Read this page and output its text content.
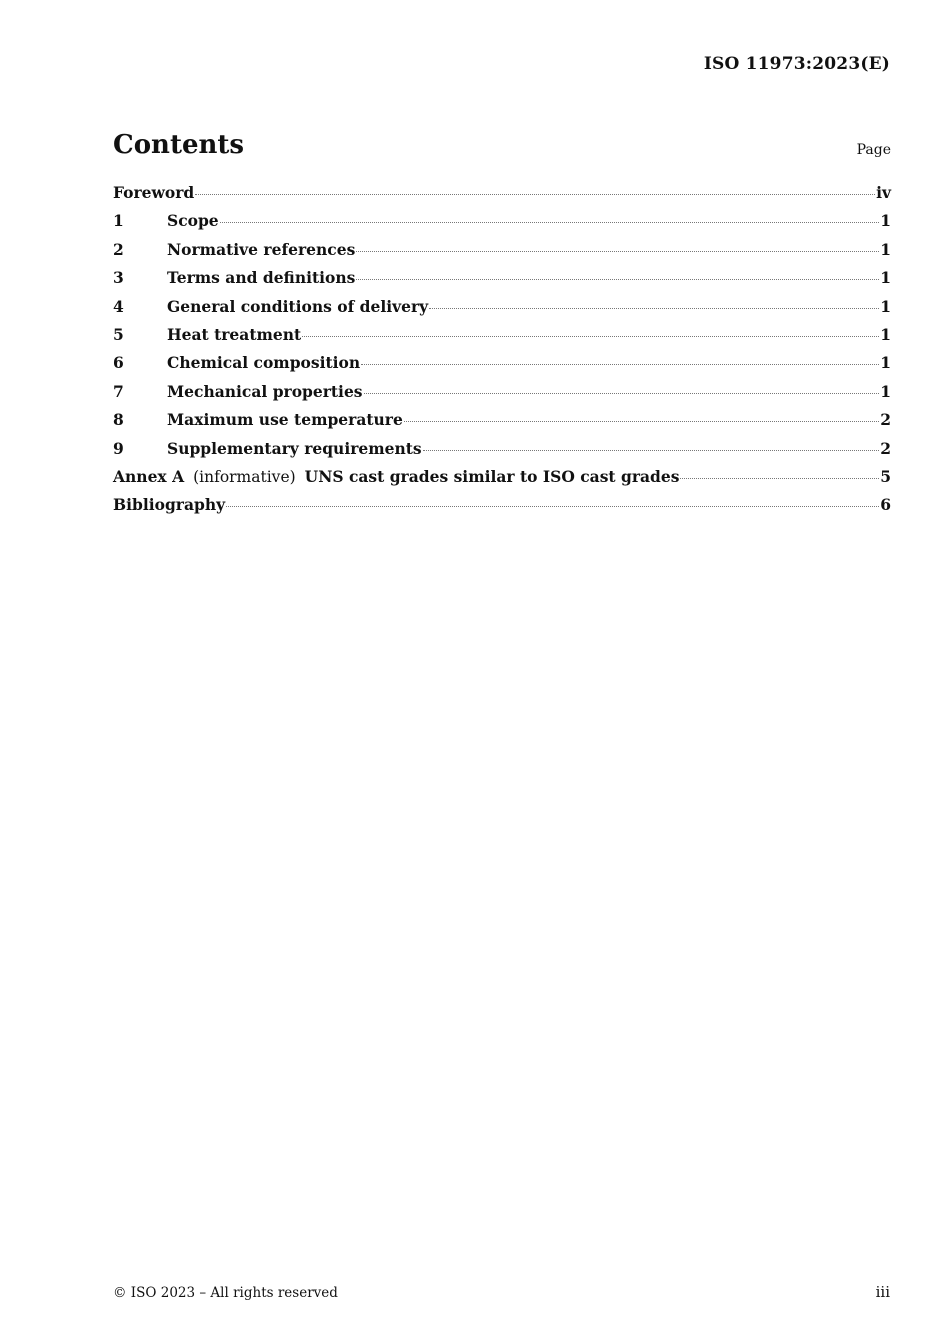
ISO 11973:2023(E)
Contents	Page
Foreword	iv
1	Scope	1
2	Normative references	1
3	Terms and definitions	1
4	General conditions of delivery	1
5	Heat treatment	1
6	Chemical composition	1
7	Mechanical properties	1
8	Maximum use temperature	2
9	Supplementary requirements	2
Annex A (informative) UNS cast grades similar to ISO cast grades	5
Bibliography	6
© ISO 2023 – All rights reserved	iii
